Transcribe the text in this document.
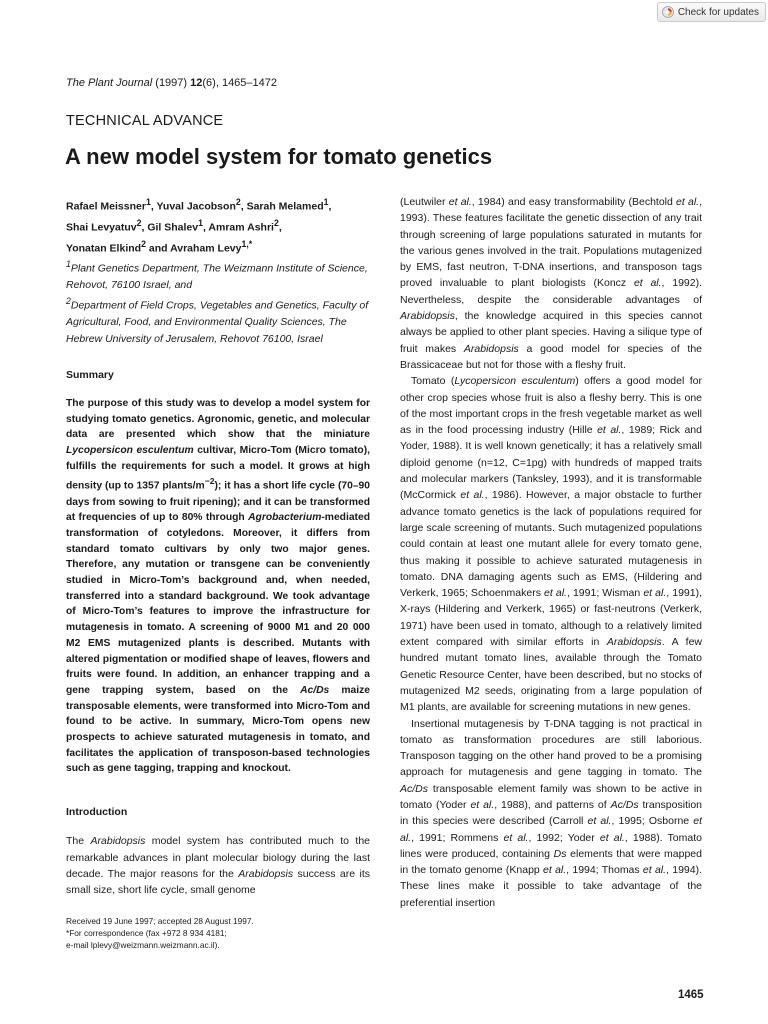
Check for updates
The Plant Journal (1997) 12(6), 1465–1472
TECHNICAL ADVANCE
A new model system for tomato genetics
Rafael Meissner$^1$, Yuval Jacobson$^2$, Sarah Melamed$^1$,
Shai Levyatuv$^2$, Gil Shalev$^1$, Amram Ashri$^2$,
Yonatan Elkind$^2$ and Avraham Levy$^{1,*}$
$^1$Plant Genetics Department, The Weizmann Institute of Science, Rehovot, 76100 Israel, and
$^2$Department of Field Crops, Vegetables and Genetics, Faculty of Agricultural, Food, and Environmental Quality Sciences, The Hebrew University of Jerusalem, Rehovot 76100, Israel
Summary

The purpose of this study was to develop a model system for studying tomato genetics. Agronomic, genetic, and molecular data are presented which show that the miniature Lycopersicon esculentum cultivar, Micro-Tom (Micro tomato), fulfills the requirements for such a model. It grows at high density (up to 1357 plants/$m^{-2}$); it has a short life cycle (70–90 days from sowing to fruit ripening); and it can be transformed at frequencies of up to 80% through Agrobacterium-mediated transformation of cotyledons. Moreover, it differs from standard tomato cultivars by only two major genes. Therefore, any mutation or transgene can be conveniently studied in Micro-Tom’s background and, when needed, transferred into a standard background. We took advantage of Micro-Tom’s features to improve the infrastructure for mutagenesis in tomato. A screening of 9000 M1 and 20 000 M2 EMS mutagenized plants is described. Mutants with altered pigmentation or modified shape of leaves, flowers and fruits were found. In addition, an enhancer trapping and a gene trapping system, based on the Ac/Ds maize transposable elements, were transformed into Micro-Tom and found to be active. In summary, Micro-Tom opens new prospects to achieve saturated mutagenesis in tomato, and facilitates the application of transposon-based technologies such as gene tagging, trapping and knockout.

Introduction

The Arabidopsis model system has contributed much to the remarkable advances in plant molecular biology during the last decade. The major reasons for the Arabidopsis success are its small size, short life cycle, small genome

Received 19 June 1997; accepted 28 August 1997.
*For correspondence (fax +972 8 934 4181;
e-mail lplevy@weizmann.weizmann.ac.il).

(Leutwiler et al., 1984) and easy transformability (Bechtold et al., 1993). These features facilitate the genetic dissection of any trait through screening of large populations saturated in mutants for the various genes involved in the trait. Populations mutagenized by EMS, fast neutron, T-DNA insertions, and transposon tags proved invaluable to plant biologists (Koncz et al., 1992). Nevertheless, despite the considerable advantages of Arabidopsis, the knowledge acquired in this species cannot always be applied to other plant species. Having a silique type of fruit makes Arabidopsis a good model for species of the Brassicaceae but not for those with a fleshy fruit.

Tomato (Lycopersicon esculentum) offers a good model for other crop species whose fruit is also a fleshy berry. This is one of the most important crops in the fresh vegetable market as well as in the food processing industry (Hille et al., 1989; Rick and Yoder, 1988). It is well known genetically; it has a relatively small diploid genome (n=12, C=1pg) with hundreds of mapped traits and molecular markers (Tanksley, 1993), and it is transformable (McCormick et al., 1986). However, a major obstacle to further advance tomato genetics is the lack of populations required for large scale screening of mutants. Such mutagenized populations could contain at least one mutant allele for every tomato gene, thus making it possible to achieve saturated mutagenesis in tomato. DNA damaging agents such as EMS, (Hildering and Verkerk, 1965; Schoenmakers et al., 1991; Wisman et al., 1991), X-rays (Hildering and Verkerk, 1965) or fast-neutrons (Verkerk, 1971) have been used in tomato, although to a relatively limited extent compared with similar efforts in Arabidopsis. A few hundred mutant tomato lines, available through the Tomato Genetic Resource Center, have been described, but no stocks of mutagenized M2 seeds, originating from a large population of M1 plants, are available for screening mutations in new genes.

Insertional mutagenesis by T-DNA tagging is not practical in tomato as transformation procedures are still laborious. Transposon tagging on the other hand proved to be a promising approach for mutagenesis and gene tagging in tomato. The Ac/Ds transposable element family was shown to be active in tomato (Yoder et al., 1988), and patterns of Ac/Ds transposition in this species were described (Carroll et al., 1995; Osborne et al., 1991; Rommens et al., 1992; Yoder et al., 1988). Tomato lines were produced, containing Ds elements that were mapped in the tomato genome (Knapp et al., 1994; Thomas et al., 1994). These lines make it possible to take advantage of the preferential insertion

1465
